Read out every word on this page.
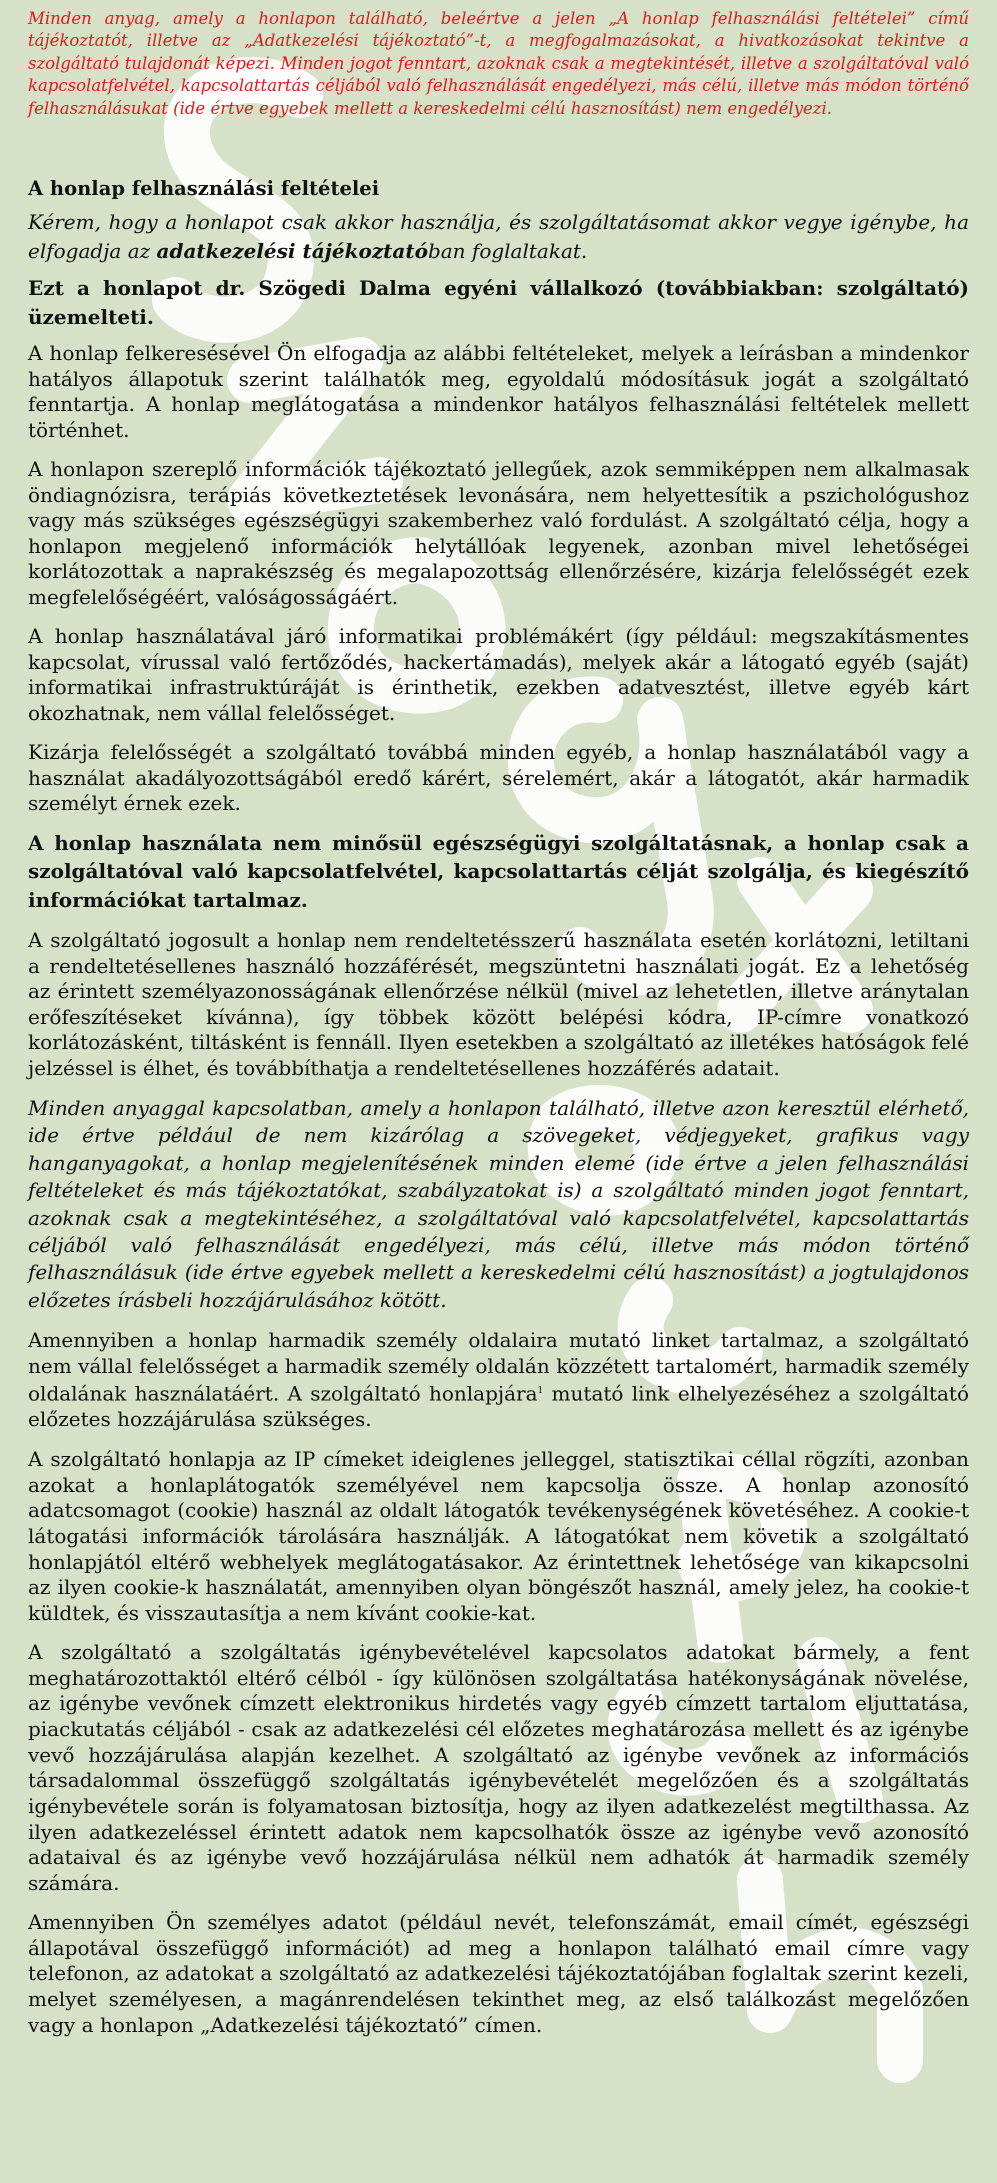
Minden anyag, amely a honlapon található, beleértve a jelen „A honlap felhasználási feltételei” című tájékoztatót, illetve az „Adatkezelési tájékoztató”-t, a megfogalmazásokat, a hivatkozásokat tekintve a szolgáltató tulajdonát képezi. Minden jogot fenntart, azoknak csak a megtekintését, illetve a szolgáltatóval való kapcsolatfelvétel, kapcsolattartás céljából való felhasználását engedélyezi, más célú, illetve más módon történő felhasználásukat (ide értve egyebek mellett a kereskedelmi célú hasznosítást) nem engedélyezi.

A honlap felhasználási feltételei

Kérem, hogy a honlapot csak akkor használja, és szolgáltatásomat akkor vegye igénybe, ha elfogadja az adatkezelési tájékoztatóban foglaltakat.

Ezt a honlapot dr. Szögedi Dalma egyéni vállalkozó (továbbiakban: szolgáltató) üzemelteti.

A honlap felkeresésével Ön elfogadja az alábbi feltételeket, melyek a leírásban a mindenkor hatályos állapotuk szerint találhatók meg, egyoldalú módosításuk jogát a szolgáltató fenntartja. A honlap meglátogatása a mindenkor hatályos felhasználási feltételek mellett történhet.

A honlapon szereplő információk tájékoztató jellegűek, azok semmiképpen nem alkalmasak öndiagnózisra, terápiás következtetések levonására, nem helyettesítik a pszichológushoz vagy más szükséges egészségügyi szakemberhez való fordulást. A szolgáltató célja, hogy a honlapon megjelenő információk helytállóak legyenek, azonban mivel lehetőségei korlátozottak a naprakészség és megalapozottság ellenőrzésére, kizárja felelősségét ezek megfelelőségéért, valóságosságáért.

A honlap használatával járó informatikai problémákért (így például: megszakításmentes kapcsolat, vírussal való fertőződés, hackertámadás), melyek akár a látogató egyéb (saját) informatikai infrastruktúráját is érinthetik, ezekben adatvesztést, illetve egyéb kárt okozhatnak, nem vállal felelősséget.

Kizárja felelősségét a szolgáltató továbbá minden egyéb, a honlap használatából vagy a használat akadályozottságából eredő kárért, sérelemért, akár a látogatót, akár harmadik személyt érnek ezek.

A honlap használata nem minősül egészségügyi szolgáltatásnak, a honlap csak a szolgáltatóval való kapcsolatfelvétel, kapcsolattartás célját szolgálja, és kiegészítő információkat tartalmaz.

A szolgáltató jogosult a honlap nem rendeltetésszerű használata esetén korlátozni, letiltani a rendeltetésellenes használó hozzáférését, megszüntetni használati jogát. Ez a lehetőség az érintett személyazonosságának ellenőrzése nélkül (mivel az lehetetlen, illetve aránytalan erőfeszítéseket kívánna), így többek között belépési kódra, IP-címre vonatkozó korlátozásként, tiltásként is fennáll. Ilyen esetekben a szolgáltató az illetékes hatóságok felé jelzéssel is élhet, és továbbíthatja a rendeltetésellenes hozzáférés adatait.

Minden anyaggal kapcsolatban, amely a honlapon található, illetve azon keresztül elérhető, ide értve például de nem kizárólag a szövegeket, védjegyeket, grafikus vagy hanganyagokat, a honlap megjelenítésének minden elemé (ide értve a jelen felhasználási feltételeket és más tájékoztatókat, szabályzatokat is) a szolgáltató minden jogot fenntart, azoknak csak a megtekintéséhez, a szolgáltatóval való kapcsolatfelvétel, kapcsolattartás céljából való felhasználását engedélyezi, más célú, illetve más módon történő felhasználásuk (ide értve egyebek mellett a kereskedelmi célú hasznosítást) a jogtulajdonos előzetes írásbeli hozzájárulásához kötött.

Amennyiben a honlap harmadik személy oldalaira mutató linket tartalmaz, a szolgáltató nem vállal felelősséget a harmadik személy oldalán közzétett tartalomért, harmadik személy oldalának használatáért. A szolgáltató honlapjára$^1$ mutató link elhelyezéséhez a szolgáltató előzetes hozzájárulása szükséges.

A szolgáltató honlapja az IP címeket ideiglenes jelleggel, statisztikai céllal rögzíti, azonban azokat a honlaplátogatók személyével nem kapcsolja össze. A honlap azonosító adatcsomagot (cookie) használ az oldalt látogatók tevékenységének követéséhez. A cookie-t látogatási információk tárolására használják. A látogatókat nem követik a szolgáltató honlapjától eltérő webhelyek meglátogatásakor. Az érintettnek lehetősége van kikapcsolni az ilyen cookie-k használatát, amennyiben olyan böngészőt használ, amely jelez, ha cookie-t küldtek, és visszautasítja a nem kívánt cookie-kat.

A szolgáltató a szolgáltatás igénybevételével kapcsolatos adatokat bármely, a fent meghatározottaktól eltérő célból - így különösen szolgáltatása hatékonyságának növelése, az igénybe vevőnek címzett elektronikus hirdetés vagy egyéb címzett tartalom eljuttatása, piackutatás céljából - csak az adatkezelési cél előzetes meghatározása mellett és az igénybe vevő hozzájárulása alapján kezelhet. A szolgáltató az igénybe vevőnek az információs társadalommal összefüggő szolgáltatás igénybevételét megelőzően és a szolgáltatás igénybevétele során is folyamatosan biztosítja, hogy az ilyen adatkezelést megtilthassa. Az ilyen adatkezeléssel érintett adatok nem kapcsolhatók össze az igénybe vevő azonosító adataival és az igénybe vevő hozzájárulása nélkül nem adhatók át harmadik személy számára.

Amennyiben Ön személyes adatot (például nevét, telefonszámát, email címét, egészségi állapotával összefüggő információt) ad meg a honlapon található email címre vagy telefonon, az adatokat a szolgáltató az adatkezelési tájékoztatójában foglaltak szerint kezeli, melyet személyesen, a magánrendelésen tekinthet meg, az első találkozást megelőzően vagy a honlapon „Adatkezelési tájékoztató” címen.
